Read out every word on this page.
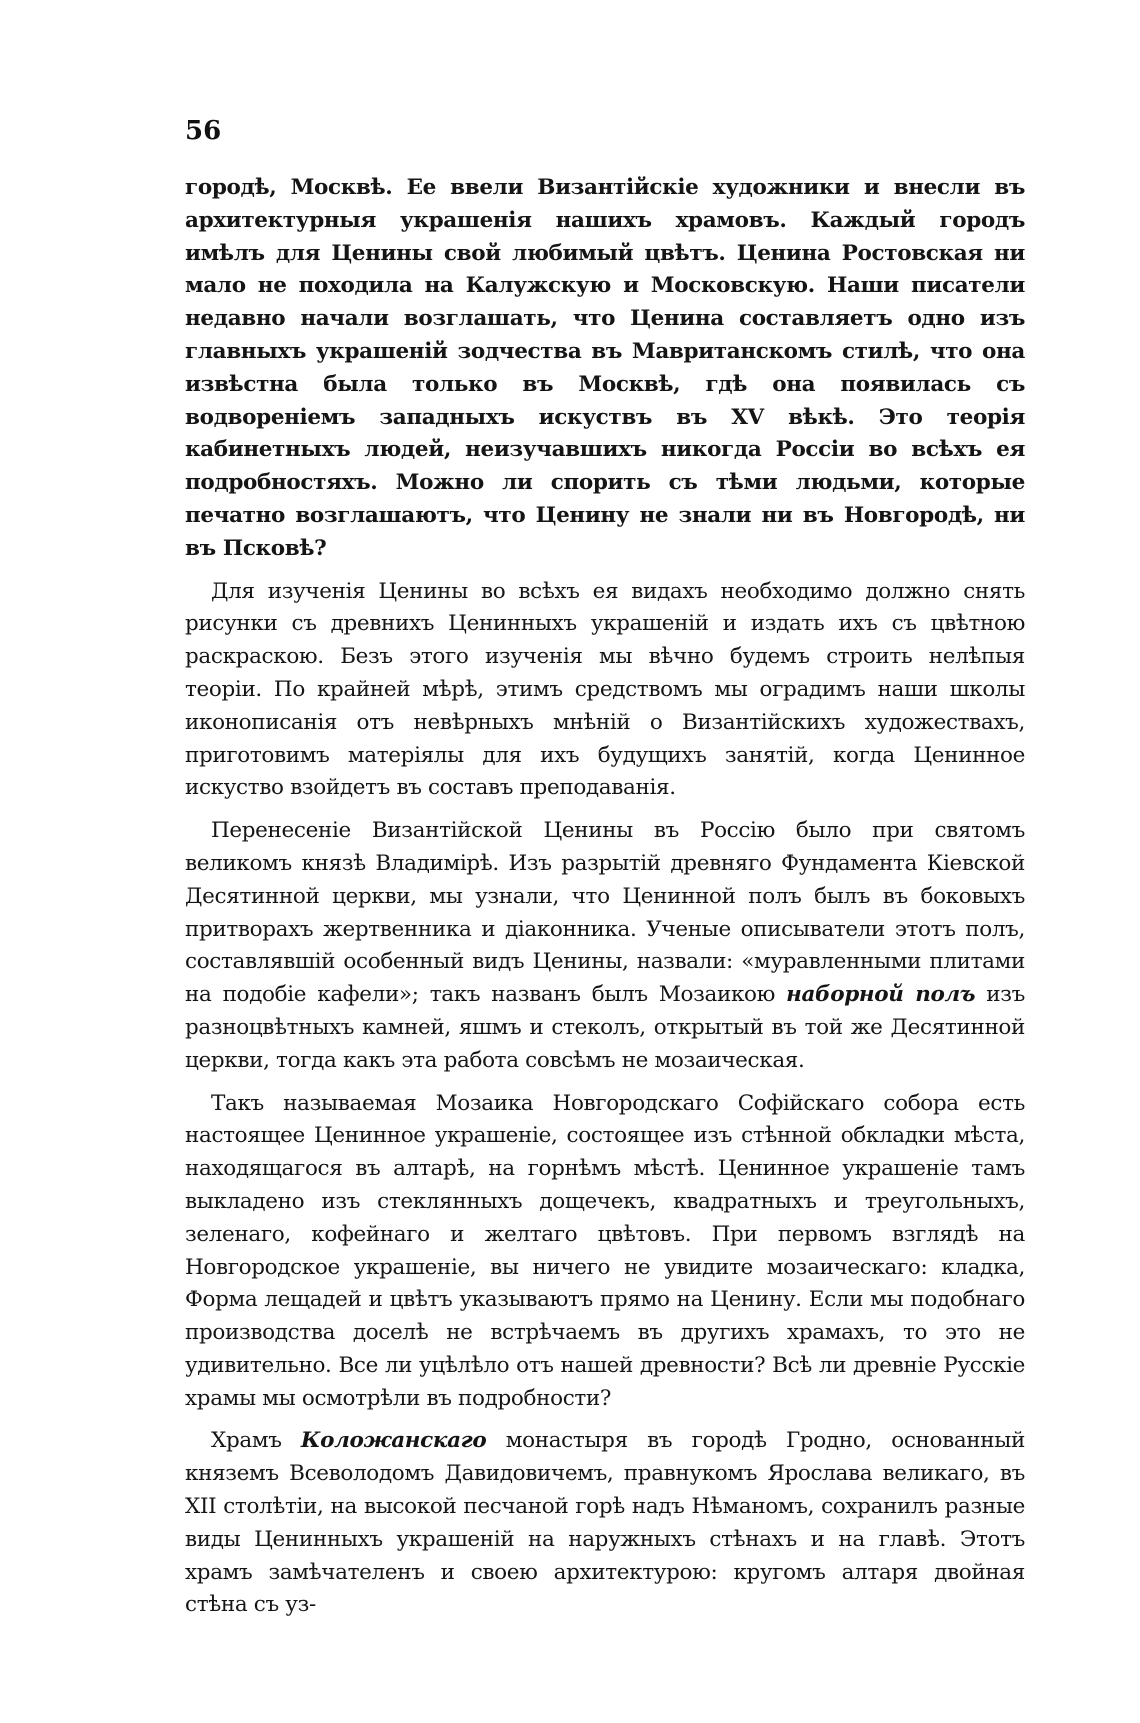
56

городѣ, Москвѣ. Ее ввели Византійскіе художники и внесли въ архитектурныя украшенія нашихъ храмовъ. Каждый городъ имѣлъ для Ценины свой любимый цвѣтъ. Ценина Ростовская ни мало не походила на Калужскую и Московскую. Наши писатели недавно начали возглашать, что Ценина составляетъ одно изъ главныхъ украшеній зодчества въ Мавританскомъ стилѣ, что она извѣстна была только въ Москвѣ, гдѣ она появилась съ водвореніемъ западныхъ искуствъ въ XV вѣкѣ. Это теорія кабинетныхъ людей, неизучавшихъ никогда Россіи во всѣхъ ея подробностяхъ. Можно ли спорить съ тѣми людьми, которые печатно возглашаютъ, что Ценину не знали ни въ Новгородѣ, ни въ Псковѣ?

Для изученія Ценины во всѣхъ ея видахъ необходимо должно снять рисунки съ древнихъ Ценинныхъ украшеній и издать ихъ съ цвѣтною раскраскою. Безъ этого изученія мы вѣчно будемъ строить нелѣпыя теоріи. По крайней мѣрѣ, этимъ средствомъ мы оградимъ наши школы иконописанія отъ невѣрныхъ мнѣній о Византійскихъ художествахъ, приготовимъ матеріялы для ихъ будущихъ занятій, когда Ценинное искуство взойдетъ въ составъ преподаванія.

Перенесеніе Византійской Ценины въ Россію было при святомъ великомъ князѣ Владимірѣ. Изъ разрытій древняго Фундамента Кіевской Десятинной церкви, мы узнали, что Ценинной полъ былъ въ боковыхъ притворахъ жертвенника и діаконника. Ученые описыватели этотъ полъ, составлявшій особенный видъ Ценины, назвали: «муравленными плитами на подобіе кафели»; такъ названъ былъ Мозаикою наборной полъ изъ разноцвѣтныхъ камней, яшмъ и стеколъ, открытый въ той же Десятинной церкви, тогда какъ эта работа совсѣмъ не мозаическая.

Такъ называемая Мозаика Новгородскаго Софійскаго собора есть настоящее Ценинное украшеніе, состоящее изъ стѣнной обкладки мѣста, находящагося въ алтарѣ, на горнѣмъ мѣстѣ. Ценинное украшеніе тамъ выкладено изъ стеклянныхъ дощечекъ, квадратныхъ и треугольныхъ, зеленаго, кофейнаго и желтаго цвѣтовъ. При первомъ взглядѣ на Новгородское украшеніе, вы ничего не увидите мозаическаго: кладка, Форма лещадей и цвѣтъ указываютъ прямо на Ценину. Если мы подобнаго производства доселѣ не встрѣчаемъ въ другихъ храмахъ, то это не удивительно. Все ли уцѣлѣло отъ нашей древности? Всѣ ли древніе Русскіе храмы мы осмотрѣли въ подробности?

Храмъ Коложанскаго монастыря въ городѣ Гродно, основанный княземъ Всеволодомъ Давидовичемъ, правнукомъ Ярослава великаго, въ XII столѣтіи, на высокой песчаной горѣ надъ Нѣманомъ, сохранилъ разные виды Ценинныхъ украшеній на наружныхъ стѣнахъ и на главѣ. Этотъ храмъ замѣчателенъ и своею архитектурою: кругомъ алтаря двойная стѣна съ уз-
